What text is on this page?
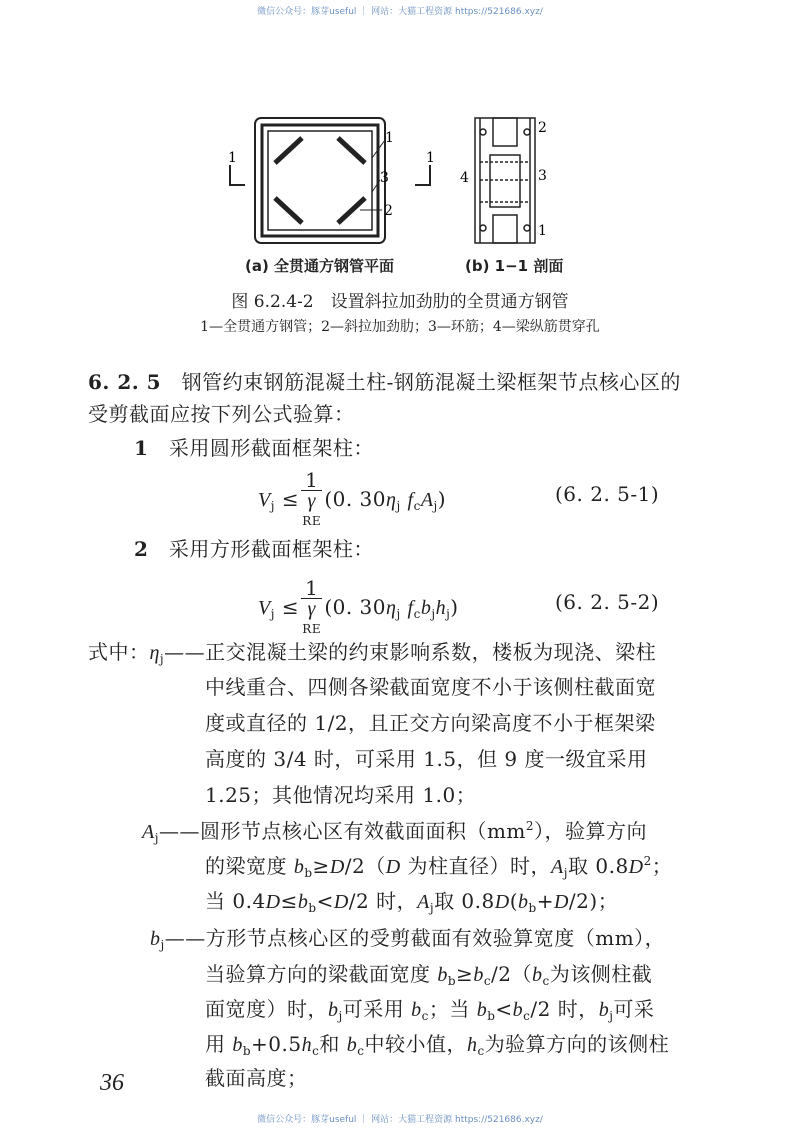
微信公众号：豚芽useful ｜ 网站：大猫工程资源 https://521686.xyz/
1
3
2
1	1
2
3
4
1
(a) 全贯通方钢管平面	(b) 1−1 剖面
图 6.2.4-2　设置斜拉加劲肋的全贯通方钢管
1—全贯通方钢管；2—斜拉加劲肋；3—环筋；4—梁纵筋贯穿孔
6. 2. 5　钢管约束钢筋混凝土柱-钢筋混凝土梁框架节点核心区的
受剪截面应按下列公式验算：
1　采用圆形截面框架柱：
2　采用方形截面框架柱：
式中：$\eta_j——$正交混凝土梁的约束影响系数，楼板为现浇、梁柱
中线重合、四侧各梁截面宽度不小于该侧柱截面宽
度或直径的 1/2，且正交方向梁高度不小于框架梁
高度的 3/4 时，可采用 1.5，但 9 度一级宜采用
1.25；其他情况均采用 1.0；
$A_j——$圆形节点核心区有效截面面积$(mm^2)$，验算方向
的梁宽度 $b_b\ge D/2(D$ 为柱直径）时，$A_j$取 $0.8D^2$；
当 $0.4D\le b_b<D/2$ 时，$A_j$取 $0.8D(b_b+D/2)$；
$b_j——$方形节点核心区的受剪截面有效验算宽度（mm），
当验算方向的梁截面宽度 $b_b\ge b_c/2(b_c$为该侧柱截
面宽度）时，$b_j$可采用 $b_c$；当 $b_b<b_c/2$ 时，$b_j$可采
用 $b_b+0.5h_c$和 $b_c$中较小值，$h_c$为验算方向的该侧柱
截面高度；
$V_j \le 1$
γ
RE (0. $30\eta_j$ $f_cA_j$)	(6. 2. 5-1)
$V_j \le 1$
γ
RE (0. $30\eta_j$ $f_cb_jh_j$)	(6. 2. 5-2)
36
微信公众号：豚芽useful ｜ 网站：大猫工程资源 https://521686.xyz/
